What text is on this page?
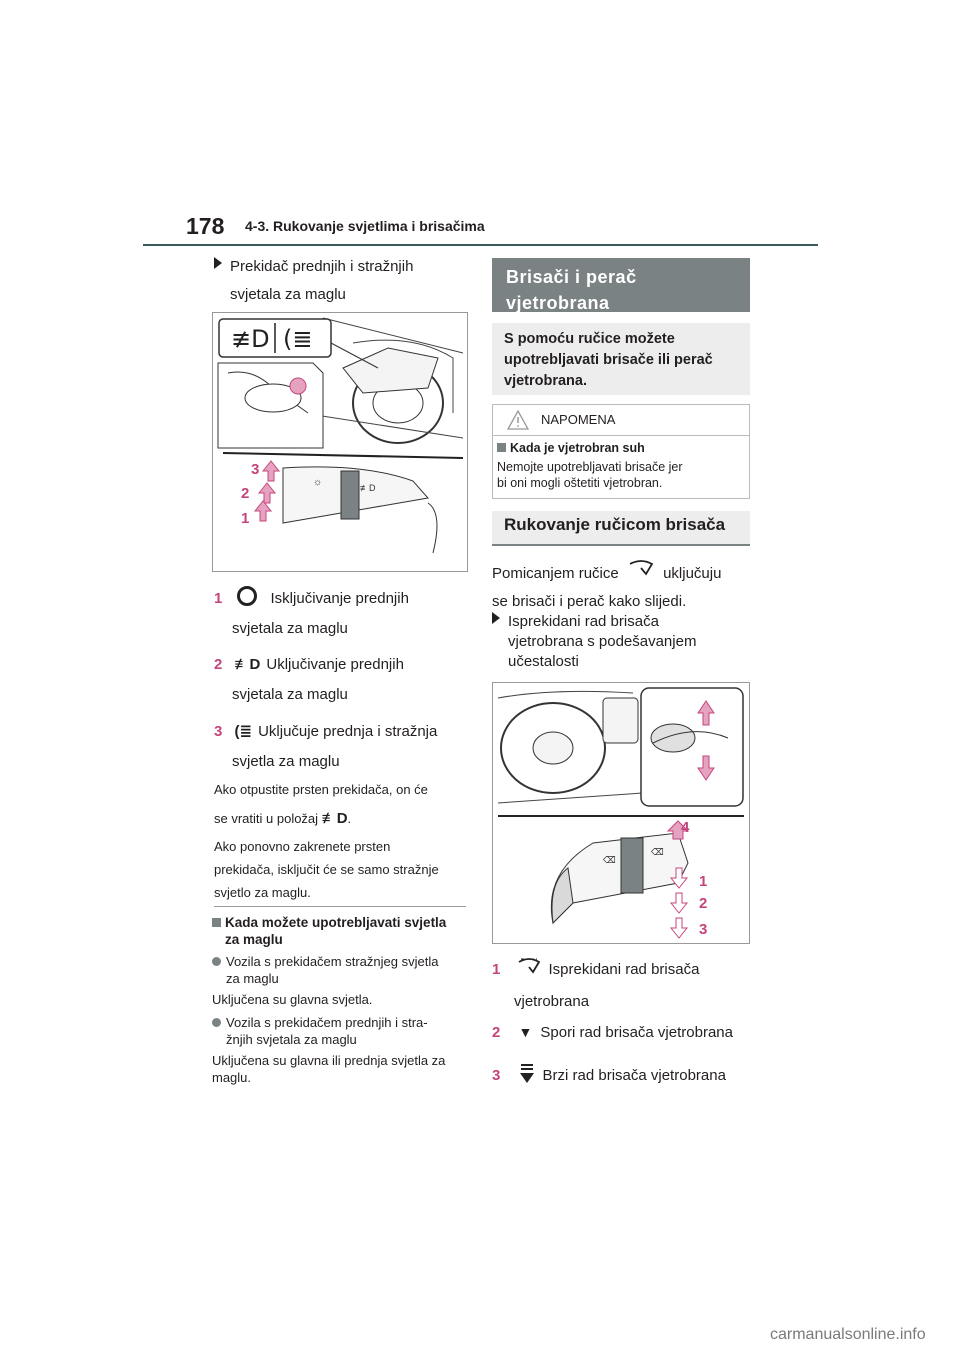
178 4-3. Rukovanje svjetlima i brisačima
Prekidač prednjih i stražnjih
svjetala za maglu
≢D (≣
☼	≢D
3
2
1
1	Isključivanje prednjih
svjetala za maglu
2 ≢D Uključivanje prednjih
svjetala za maglu
3 (≣ Uključuje prednja i stražnja
svjetla za maglu
Ako otpustite prsten prekidača, on će
se vratiti u položaj ≢D.
Ako ponovno zakrenete prsten
prekidača, isključit će se samo stražnje
svjetlo za maglu.
Kada možete upotrebljavati svjetla
za maglu
Vozila s prekidačem stražnjeg svjetla
za maglu
Uključena su glavna svjetla.
Vozila s prekidačem prednjih i stra-
žnjih svjetala za maglu
Uključena su glavna ili prednja svjetla za
maglu.
Brisači i perač
vjetrobrana
S pomoću ručice možete
upotrebljavati brisače ili perač
vjetrobrana.
NAPOMENA
Kada je vjetrobran suh
Nemojte upotrebljavati brisače jer
bi oni mogli oštetiti vjetrobran.
Rukovanje ručicom brisača
Pomicanjem ručice	uključuju
se brisači i perač kako slijedi.
Isprekidani rad brisača
vjetrobrana s podešavanjem
učestalosti
⌫
⌫
4
1
2
3
1	Isprekidani rad brisača
vjetrobrana
2 ▼ Spori rad brisača vjetrobrana
3	Brzi rad brisača vjetrobrana
carmanualsonline.info
